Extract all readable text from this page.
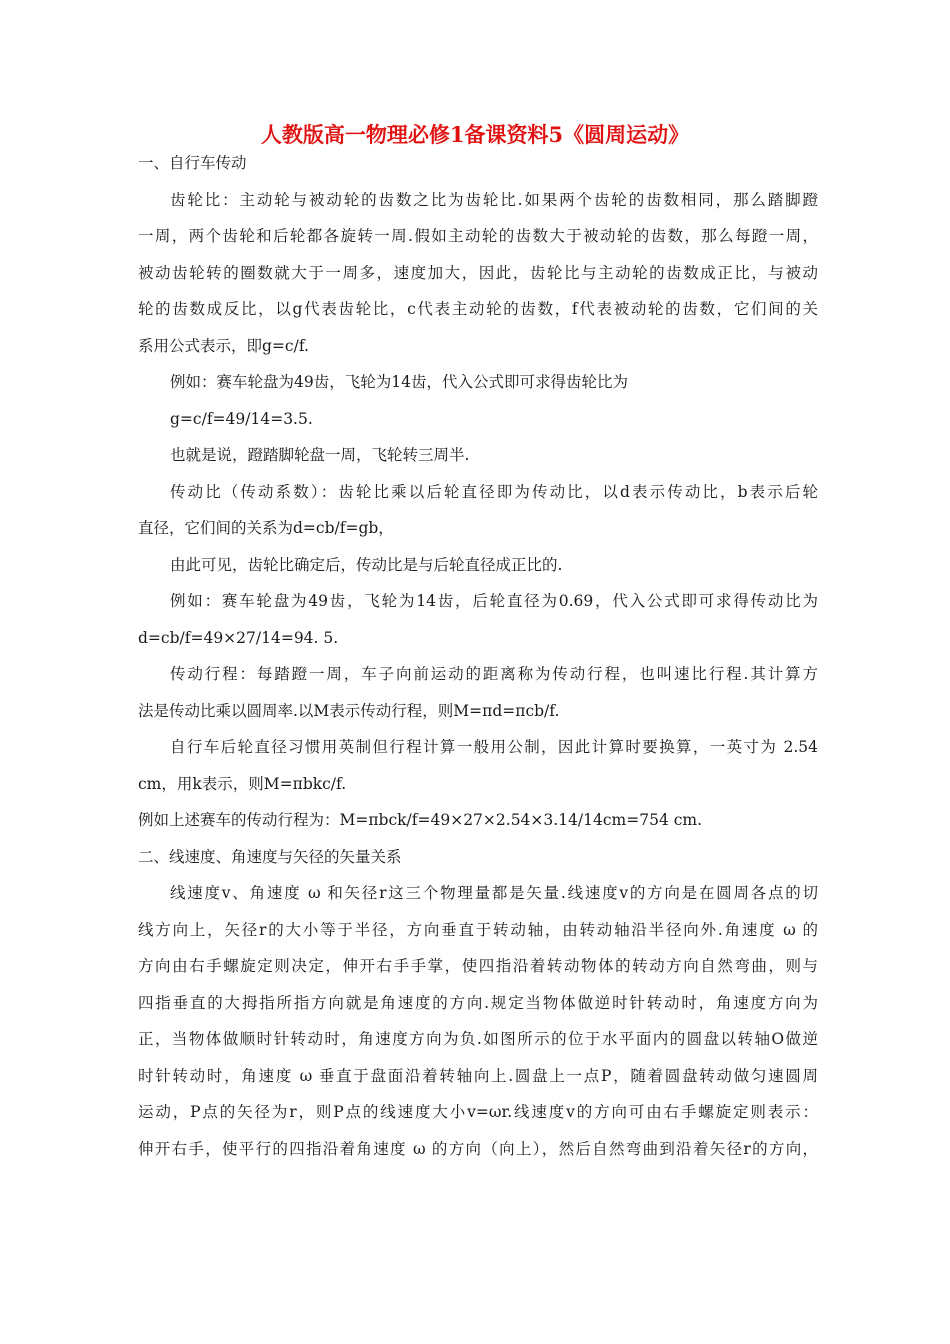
人教版高一物理必修1备课资料5《圆周运动》
一、自行车传动
齿轮比：主动轮与被动轮的齿数之比为齿轮比.如果两个齿轮的齿数相同，那么踏脚蹬
一周，两个齿轮和后轮都各旋转一周.假如主动轮的齿数大于被动轮的齿数，那么每蹬一周，
被动齿轮转的圈数就大于一周多，速度加大，因此，齿轮比与主动轮的齿数成正比，与被动
轮的齿数成反比，以g代表齿轮比，c代表主动轮的齿数，f代表被动轮的齿数，它们间的关
系用公式表示，即g=c/f.
例如：赛车轮盘为49齿，飞轮为14齿，代入公式即可求得齿轮比为
g=c/f=49/14=3.5.
也就是说，蹬踏脚轮盘一周，飞轮转三周半.
传动比（传动系数）：齿轮比乘以后轮直径即为传动比，以d表示传动比，b表示后轮
直径，它们间的关系为d=cb/f=gb，
由此可见，齿轮比确定后，传动比是与后轮直径成正比的.
例如：赛车轮盘为49齿，飞轮为14齿，后轮直径为0.69，代入公式即可求得传动比为
d=cb/f=49×27/14=94. 5.
传动行程：每踏蹬一周，车子向前运动的距离称为传动行程，也叫速比行程.其计算方
法是传动比乘以圆周率.以M表示传动行程，则M=πd=πcb/f.
自行车后轮直径习惯用英制但行程计算一般用公制，因此计算时要换算，一英寸为 2.54
cm，用k表示，则M=πbkc/f.
例如上述赛车的传动行程为：M=πbck/f=49×27×2.54×3.14/14cm=754 cm.
二、线速度、角速度与矢径的矢量关系
线速度v、角速度 ω 和矢径r这三个物理量都是矢量.线速度v的方向是在圆周各点的切
线方向上，矢径r的大小等于半径，方向垂直于转动轴，由转动轴沿半径向外.角速度 ω 的
方向由右手螺旋定则决定，伸开右手手掌，使四指沿着转动物体的转动方向自然弯曲，则与
四指垂直的大拇指所指方向就是角速度的方向.规定当物体做逆时针转动时，角速度方向为
正，当物体做顺时针转动时，角速度方向为负.如图所示的位于水平面内的圆盘以转轴O做逆
时针转动时，角速度 ω 垂直于盘面沿着转轴向上.圆盘上一点P，随着圆盘转动做匀速圆周
运动，P点的矢径为r，则P点的线速度大小v=ωr.线速度v的方向可由右手螺旋定则表示：
伸开右手，使平行的四指沿着角速度 ω 的方向（向上），然后自然弯曲到沿着矢径r的方向，
